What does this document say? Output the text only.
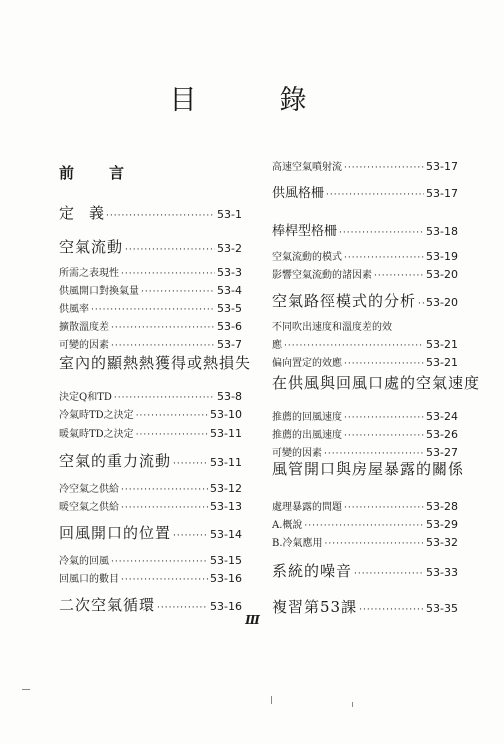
目　錄
前　言
定　義 ·····	53-1
空氣流動 ·····	53-2
所需之表現性 ·····	53-3
供風開口對換氣量 ·····	53-4
供風率 ·····	53-5
擴散溫度差 ·····	53-6
可變的因素 ·····	53-7
室內的顯熱熱獲得或熱損失
決定Q和TD ·····	53-8
冷氣時TD之決定 ·····	53-10
暖氣時TD之決定 ·····	53-11
空氣的重力流動 ·····	53-11
冷空氣之供給 ·····	53-12
暖空氣之供給 ·····	53-13
回風開口的位置 ·····	53-14
冷氣的回風 ·····	53-15
回風口的數目 ·····	53-16
二次空氣循環 ·····	53-16
高速空氣噴射流 ·····	53-17
供風格柵 ·····	53-17
棒桿型格柵 ·····	53-18
空氣流動的模式 ·····	53-19
影響空氣流動的諸因素 ·····	53-20
空氣路徑模式的分析 ····· 53-20
不同吹出速度和溫度差的效
應 ·····	53-21
偏向置定的效應 ·····	53-21
在供風與回風口處的空氣速度
推薦的回風速度 ·····	53-24
推薦的出風速度 ·····	53-26
可變的因素 ·····	53-27
風管開口與房屋暴露的關係
處理暴露的問題 ·····	53-28
A.概說 ·····	53-29
B.冷氣應用 ·····	53-32
系統的噪音 ·····	53-33
複習第53課 ·····	53-35
III
